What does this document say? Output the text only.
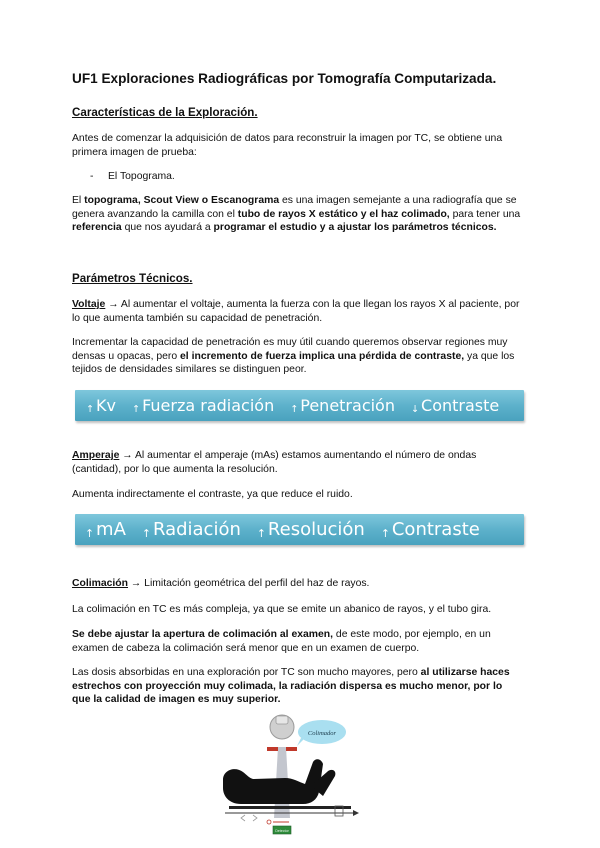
UF1 Exploraciones Radiográficas por Tomografía Computarizada.
Características de la Exploración.

Antes de comenzar la adquisición de datos para reconstruir la imagen por TC, se obtiene una primera imagen de prueba:

- El Topograma.

El topograma, Scout View o Escanograma es una imagen semejante a una radiografía que se genera avanzando la camilla con el tubo de rayos X estático y el haz colimado, para tener una referencia que nos ayudará a programar el estudio y a ajustar los parámetros técnicos.

Parámetros Técnicos.

Voltaje → Al aumentar el voltaje, aumenta la fuerza con la que llegan los rayos X al paciente, por lo que aumenta también su capacidad de penetración.

Incrementar la capacidad de penetración es muy útil cuando queremos observar regiones muy densas u opacas, pero el incremento de fuerza implica una pérdida de contraste, ya que los tejidos de densidades similares se distinguen peor.

↑ Kv ↑ Fuerza radiación ↑ Penetración ↓ Contraste

Amperaje → Al aumentar el amperaje (mAs) estamos aumentando el número de ondas (cantidad), por lo que aumenta la resolución.

Aumenta indirectamente el contraste, ya que reduce el ruido.

↑ mA ↑ Radiación ↑ Resolución ↑ Contraste

Colimación → Limitación geométrica del perfil del haz de rayos.

La colimación en TC es más compleja, ya que se emite un abanico de rayos, y el tubo gira.

Se debe ajustar la apertura de colimación al examen, de este modo, por ejemplo, en un examen de cabeza la colimación será menor que en un examen de cuerpo.

Las dosis absorbidas en una exploración por TC son mucho mayores, pero al utilizarse haces estrechos con proyección muy colimada, la radiación dispersa es mucho menor, por lo que la calidad de imagen es muy superior.

Colimador
Detector
